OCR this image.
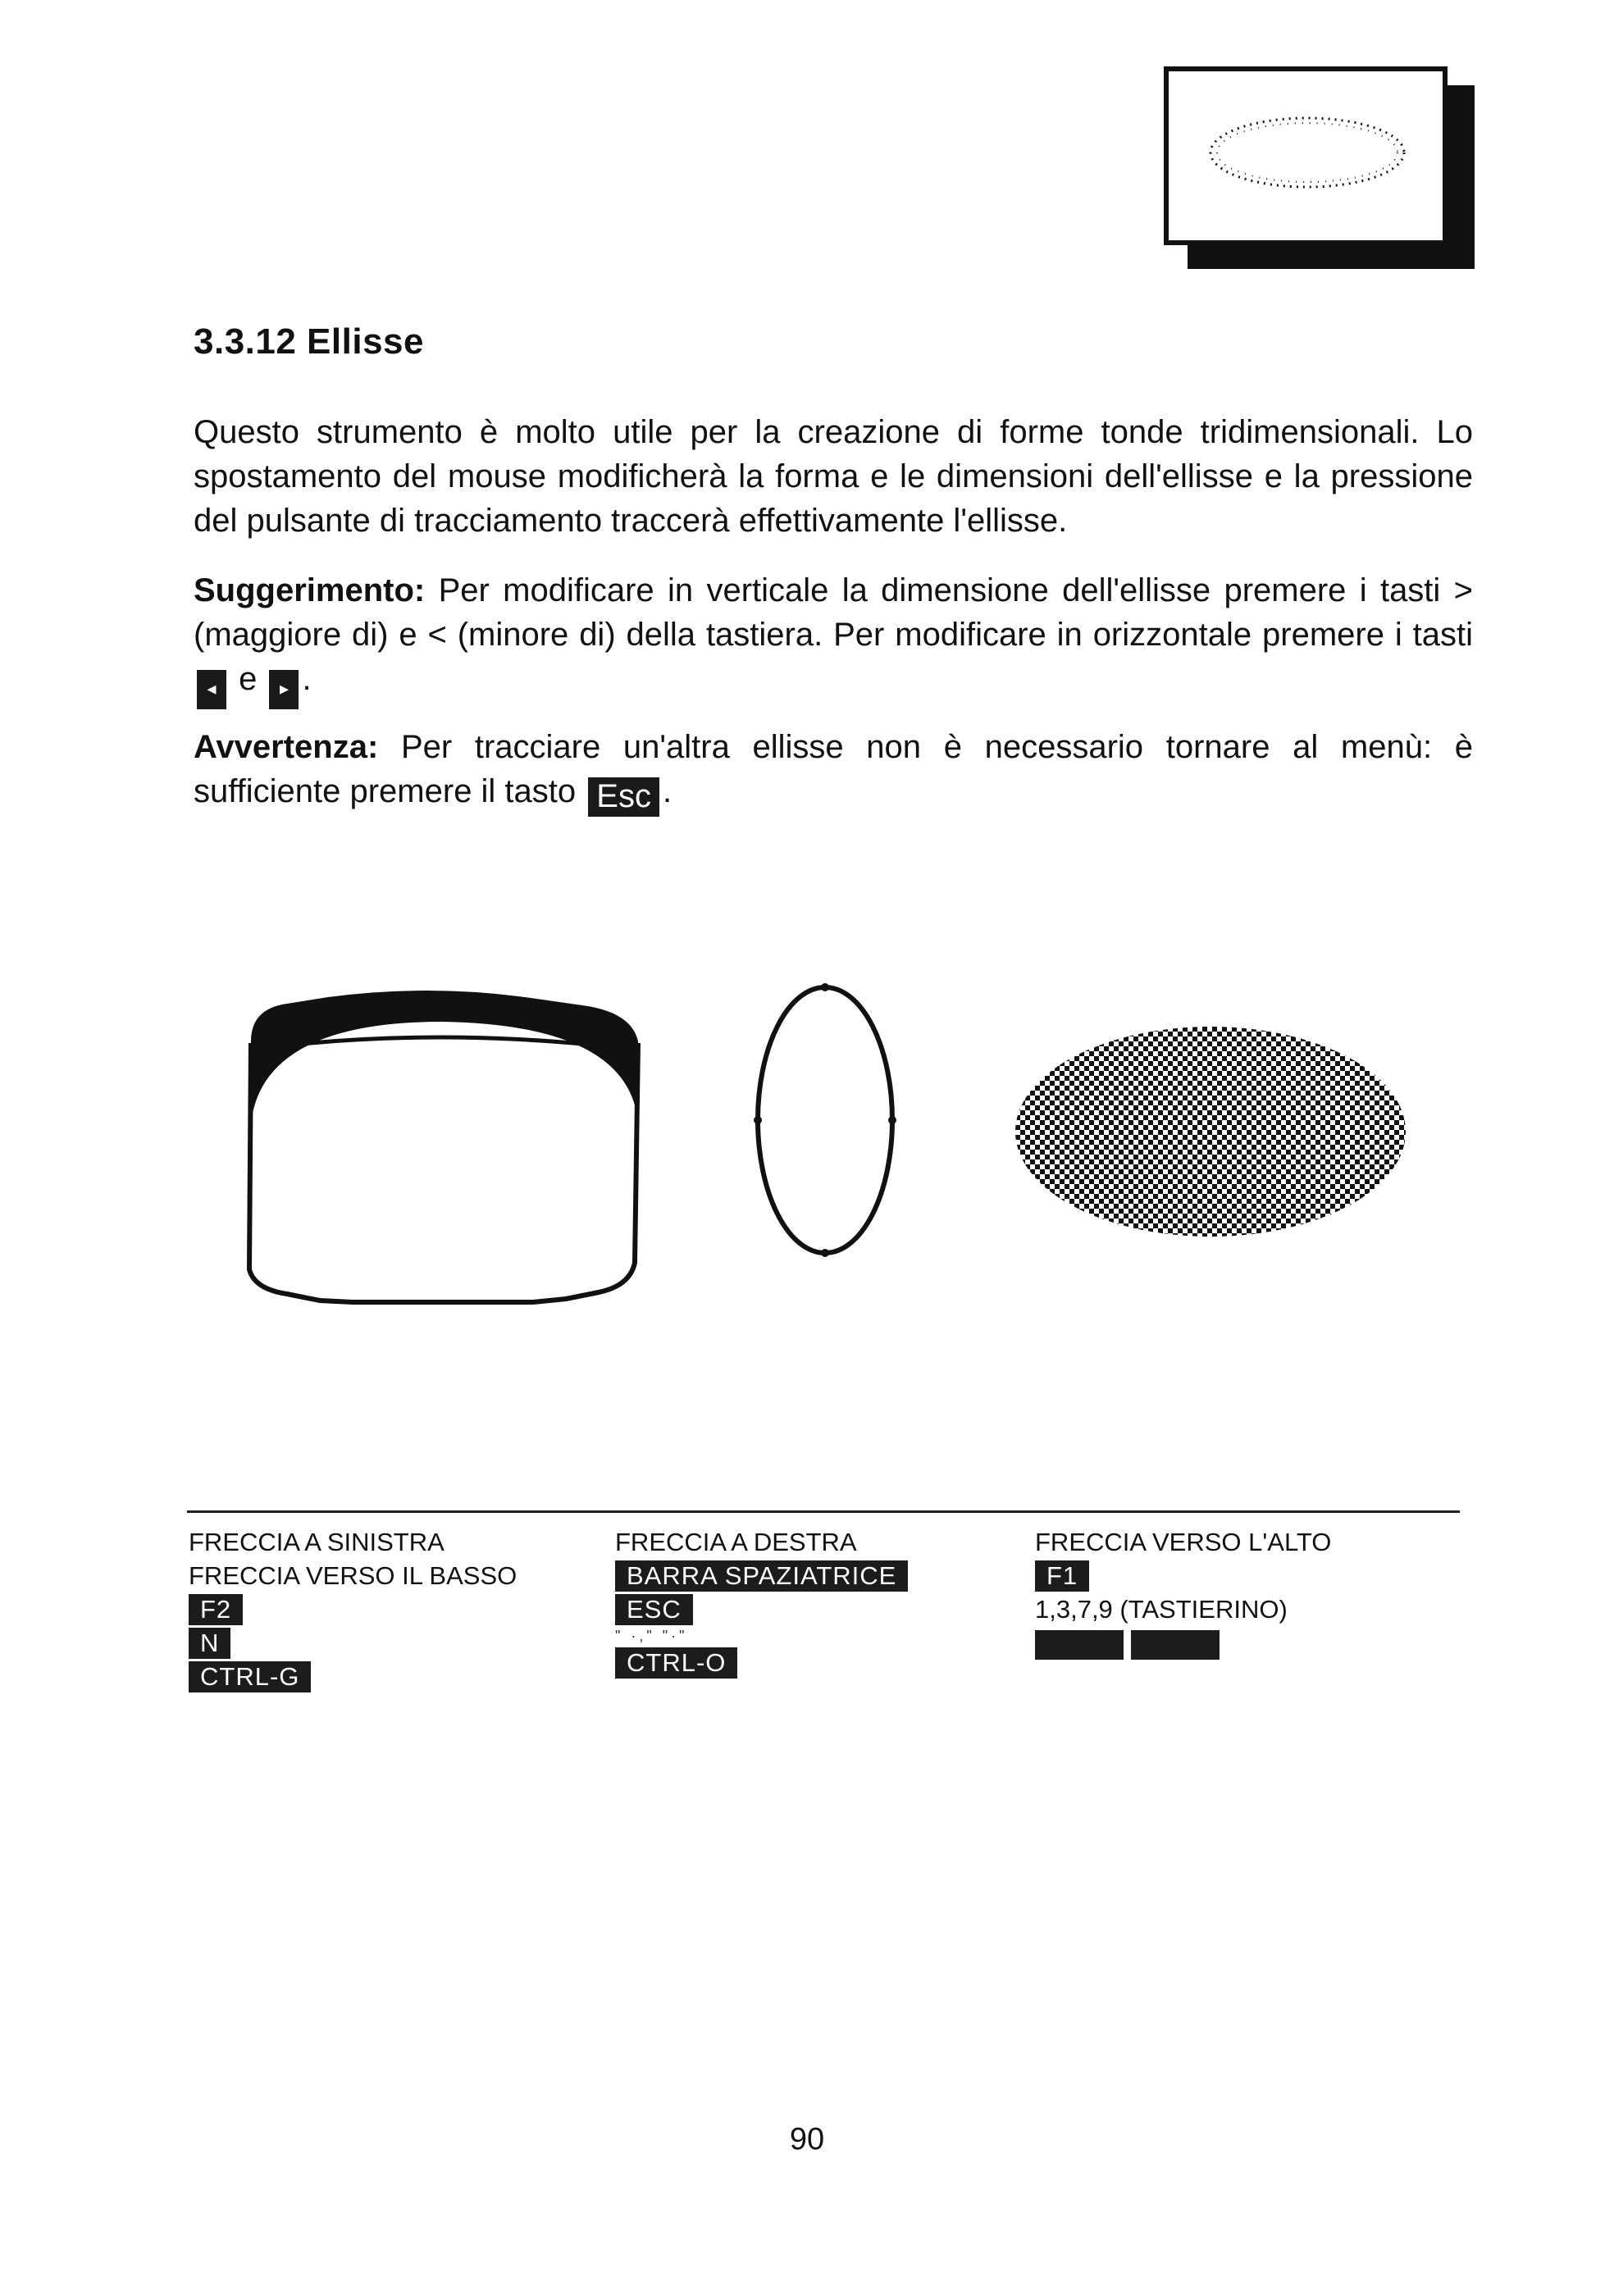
3.3.12 Ellisse

Questo strumento è molto utile per la creazione di forme tonde tridimensionali. Lo spostamento del mouse modificherà la forma e le dimensioni dell'ellisse e la pressione del pulsante di tracciamento traccerà effettivamente l'ellisse.

Suggerimento: Per modificare in verticale la dimensione dell'ellisse premere i tasti > (maggiore di) e < (minore di) della tastiera. Per modificare in orizzontale premere i tasti ◂ e ▸ .

Avvertenza: Per tracciare un'altra ellisse non è necessario tornare al menù: è sufficiente premere il tasto Esc .

FRECCIA A SINISTRA
FRECCIA VERSO IL BASSO
F2
N
CTRL-G
FRECCIA A DESTRA
BARRA SPAZIATRICE
ESC
" ·," "·"
CTRL-O
FRECCIA VERSO L'ALTO
F1
1,3,7,9 (TASTIERINO)

90
